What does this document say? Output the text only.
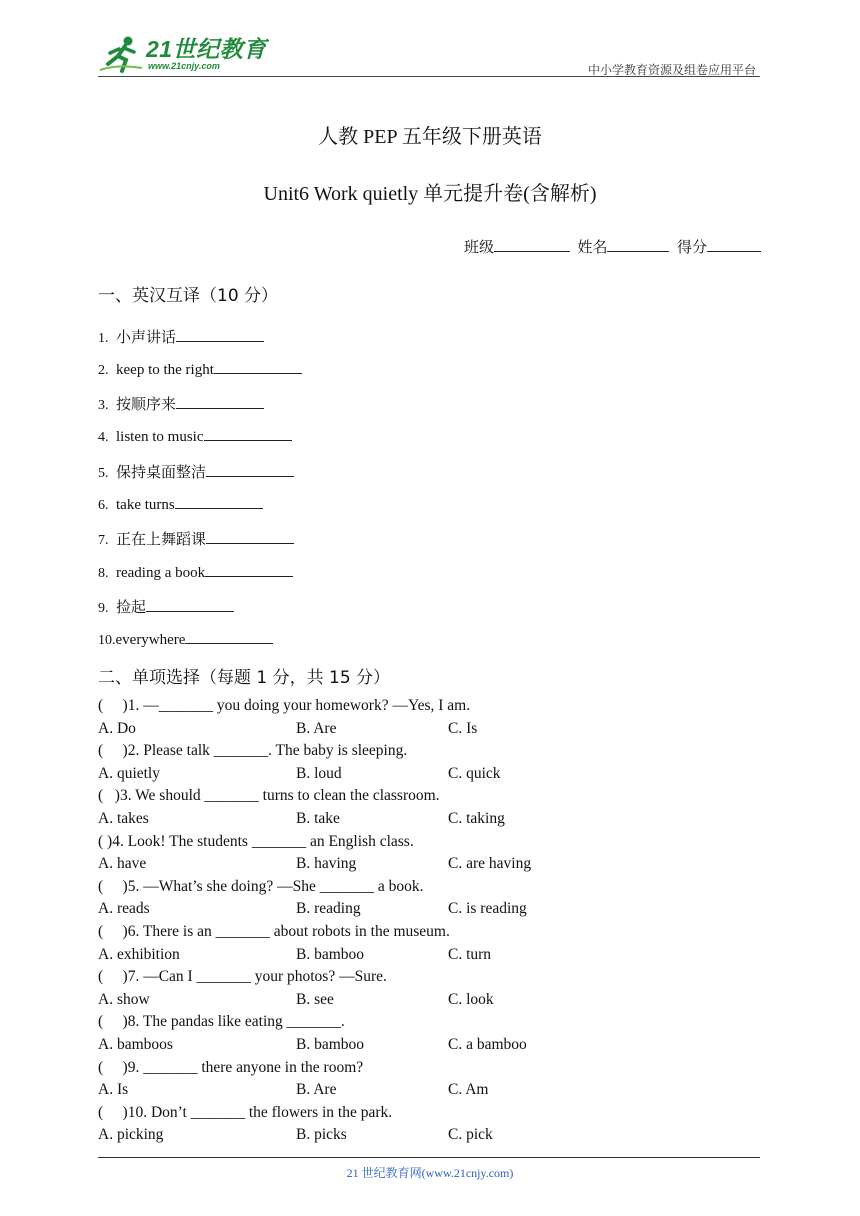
21世纪教育
www.21cnjy.com	中小学教育资源及组卷应用平台
人教 PEP 五年级下册英语
Unit6 Work quietly 单元提升卷(含解析)
班级	姓名	得分
一、英汉互译（10 分）
1. 小声讲话
2. keep to the right
3. 按顺序来
4. listen to music
5. 保持桌面整洁
6. take turns
7. 正在上舞蹈课
8. reading a book
9. 捡起
10.everywhere
二、单项选择（每题 1 分，共 15 分）
(     )1. —_______ you doing your homework? —Yes, I am.
A. Do	B. Are	C. Is
(     )2. Please talk _______. The baby is sleeping.
A. quietly	B. loud	C. quick
(   )3. We should _______ turns to clean the classroom.
A. takes	B. take	C. taking
( )4. Look! The students _______ an English class.
A. have	B. having	C. are having
(     )5. —What’s she doing? —She _______ a book.
A. reads	B. reading	C. is reading
(     )6. There is an _______ about robots in the museum.
A. exhibition	B. bamboo	C. turn
(     )7. —Can I _______ your photos? —Sure.
A. show	B. see	C. look
(     )8. The pandas like eating _______.
A. bamboos	B. bamboo	C. a bamboo
(     )9. _______ there anyone in the room?
A. Is	B. Are	C. Am
(     )10. Don’t _______ the flowers in the park.
A. picking	B. picks	C. pick
21 世纪教育网(www.21cnjy.com)
